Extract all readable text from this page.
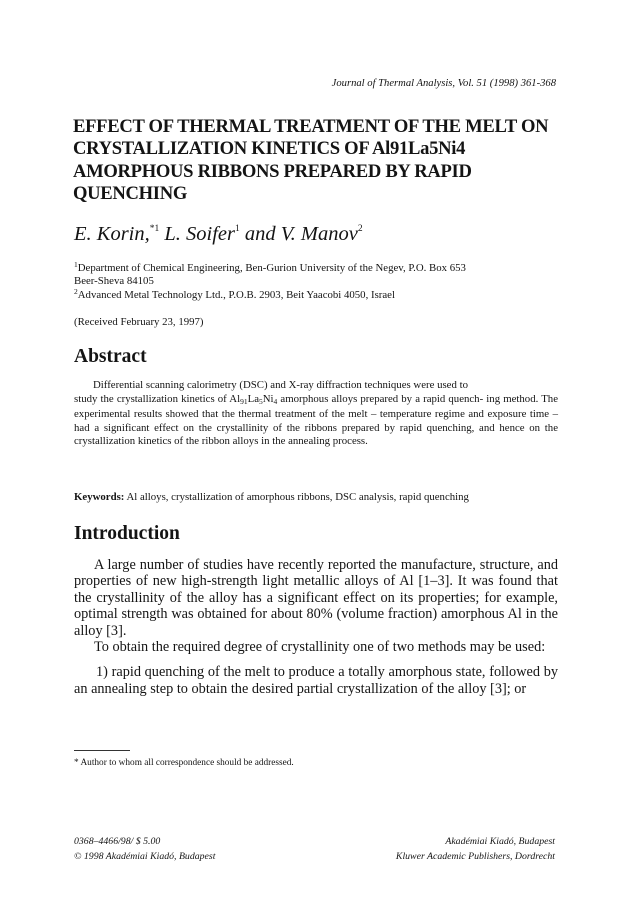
Journal of Thermal Analysis, Vol. 51 (1998) 361-368
EFFECT OF THERMAL TREATMENT OF THE MELT ON
CRYSTALLIZATION KINETICS OF Al91La5Ni4
AMORPHOUS RIBBONS PREPARED BY RAPID
QUENCHING
E. Korin,$^{*1}$ L. Soifer$^1$ and V. Manov$^2$
$^1$Department of Chemical Engineering, Ben-Gurion University of the Negev, P.O. Box 653
Beer-Sheva 84105
$^2$Advanced Metal Technology Ltd., P.O.B. 2903, Beit Yaacobi 4050, Israel
(Received February 23, 1997)
Abstract
Differential scanning calorimetry (DSC) and X-ray diffraction techniques were used to
study the crystallization kinetics of $Al_{91}La_5Ni_4$ amorphous alloys prepared by a rapid quench- ing method. The experimental results showed that the thermal treatment of the melt – temperature regime and exposure time – had a significant effect on the crystallinity of the ribbons prepared by rapid quenching, and hence on the crystallization kinetics of the ribbon alloys in the annealing process.
Keywords: Al alloys, crystallization of amorphous ribbons, DSC analysis, rapid quenching
Introduction

A large number of studies have recently reported the manufacture, structure, and properties of new high-strength light metallic alloys of Al [1–3]. It was found that the crystallinity of the alloy has a significant effect on its properties; for example, optimal strength was obtained for about 80% (volume fraction) amorphous Al in the alloy [3].

To obtain the required degree of crystallinity one of two methods may be used:

1) rapid quenching of the melt to produce a totally amorphous state, followed by an annealing step to obtain the desired partial crystallization of the alloy [3]; or

* Author to whom all correspondence should be addressed.
0368–4466/98/ $ 5.00
© 1998 Akadémiai Kiadó, Budapest
Akadémiai Kiadó, Budapest
Kluwer Academic Publishers, Dordrecht
